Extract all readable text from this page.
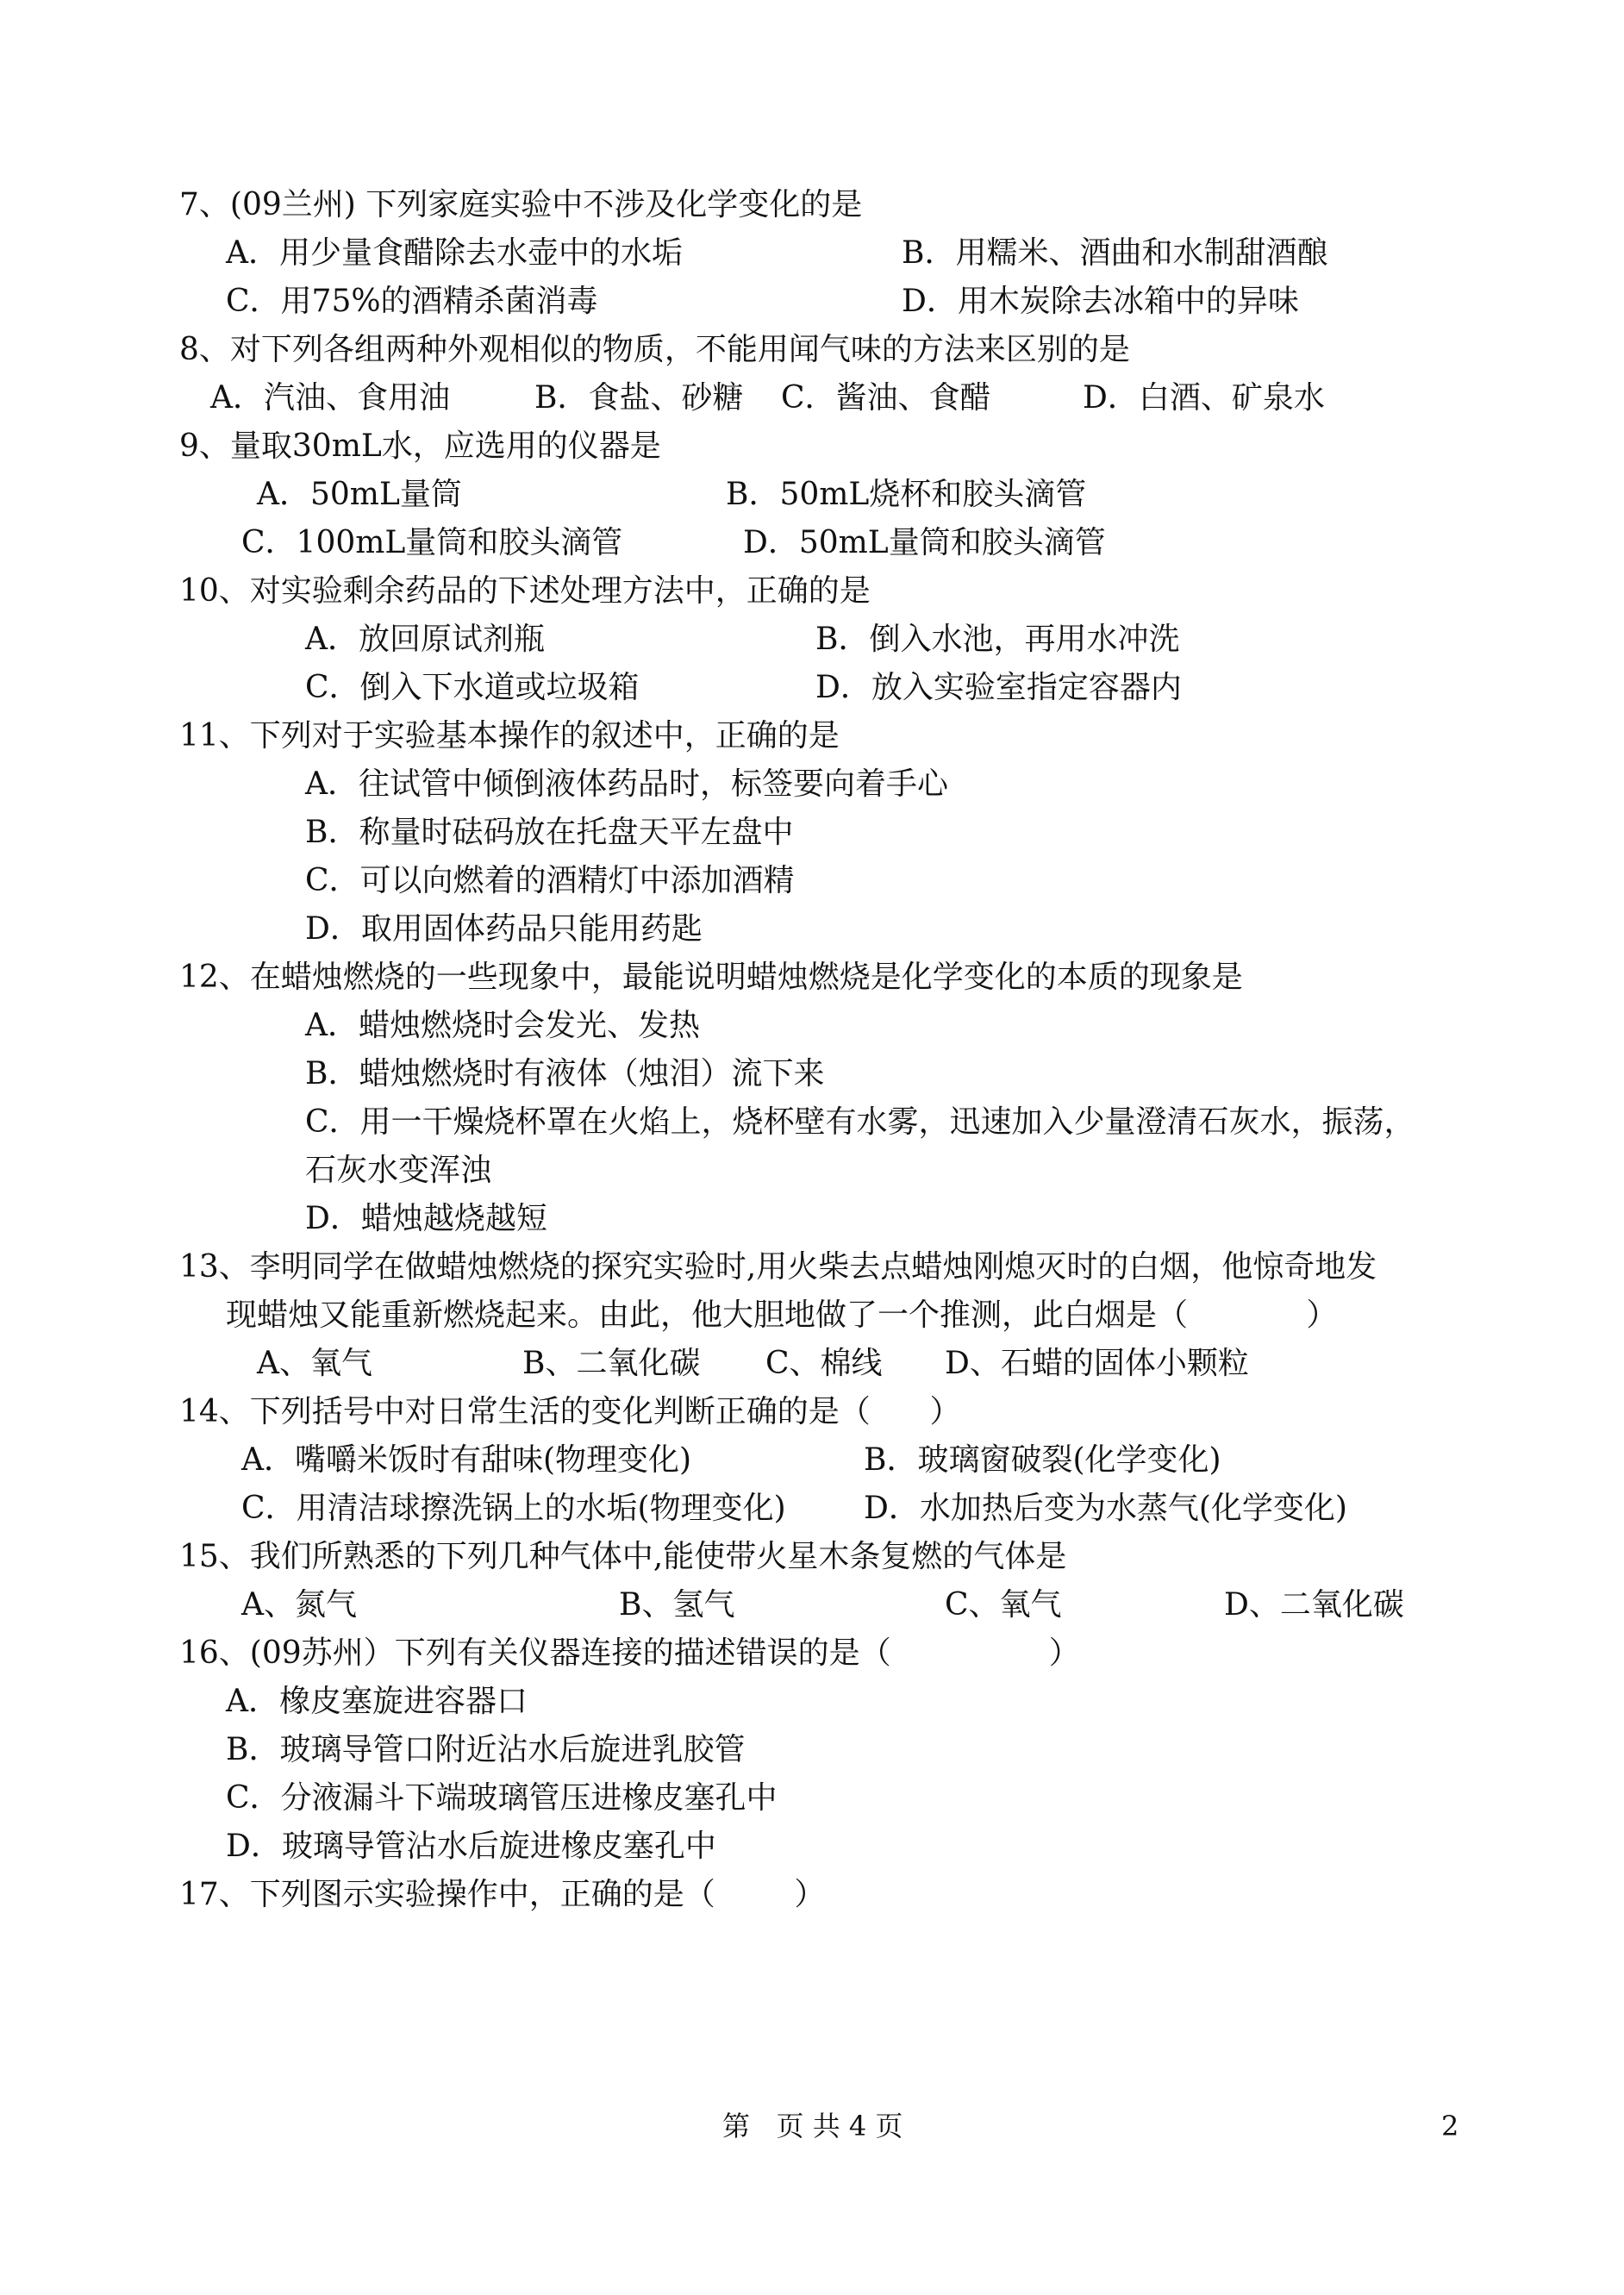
7、(09兰州) 下列家庭实验中不涉及化学变化的是
A．用少量食醋除去水壶中的水垢	B．用糯米、酒曲和水制甜酒酿
C．用75%的酒精杀菌消毒	D．用木炭除去冰箱中的异味
8、对下列各组两种外观相似的物质，不能用闻气味的方法来区别的是
A．汽油、食用油	B．食盐、砂糖 C．酱油、食醋	D．白酒、矿泉水
9、量取30mL水，应选用的仪器是
A．50mL量筒	B．50mL烧杯和胶头滴管
C．100mL量筒和胶头滴管	D．50mL量筒和胶头滴管
10、对实验剩余药品的下述处理方法中，正确的是
A．放回原试剂瓶	B．倒入水池，再用水冲洗
C．倒入下水道或垃圾箱	D．放入实验室指定容器内
11、下列对于实验基本操作的叙述中，正确的是
A．往试管中倾倒液体药品时，标签要向着手心
B．称量时砝码放在托盘天平左盘中
C．可以向燃着的酒精灯中添加酒精
D．取用固体药品只能用药匙
12、在蜡烛燃烧的一些现象中，最能说明蜡烛燃烧是化学变化的本质的现象是
A．蜡烛燃烧时会发光、发热
B．蜡烛燃烧时有液体（烛泪）流下来
C．用一干燥烧杯罩在火焰上，烧杯壁有水雾，迅速加入少量澄清石灰水，振荡，
石灰水变浑浊
D．蜡烛越烧越短
13、李明同学在做蜡烛燃烧的探究实验时,用火柴去点蜡烛刚熄灭时的白烟，他惊奇地发
现蜡烛又能重新燃烧起来。由此，他大胆地做了一个推测，此白烟是（            ）
A、氧气	B、二氧化碳 C、棉线 D、石蜡的固体小颗粒
14、下列括号中对日常生活的变化判断正确的是（      ）
A．嘴嚼米饭时有甜味(物理变化)	B．玻璃窗破裂(化学变化)
C．用清洁球擦洗锅上的水垢(物理变化)	D．水加热后变为水蒸气(化学变化)
15、我们所熟悉的下列几种气体中,能使带火星木条复燃的气体是
A、氮气	B、氢气	C、氧气	D、二氧化碳
16、(09苏州）下列有关仪器连接的描述错误的是（                ）
A．橡皮塞旋进容器口
B．玻璃导管口附近沾水后旋进乳胶管
C．分液漏斗下端玻璃管压进橡皮塞孔中
D．玻璃导管沾水后旋进橡皮塞孔中
17、下列图示实验操作中，正确的是（        ）
第   页 共 4 页	2
